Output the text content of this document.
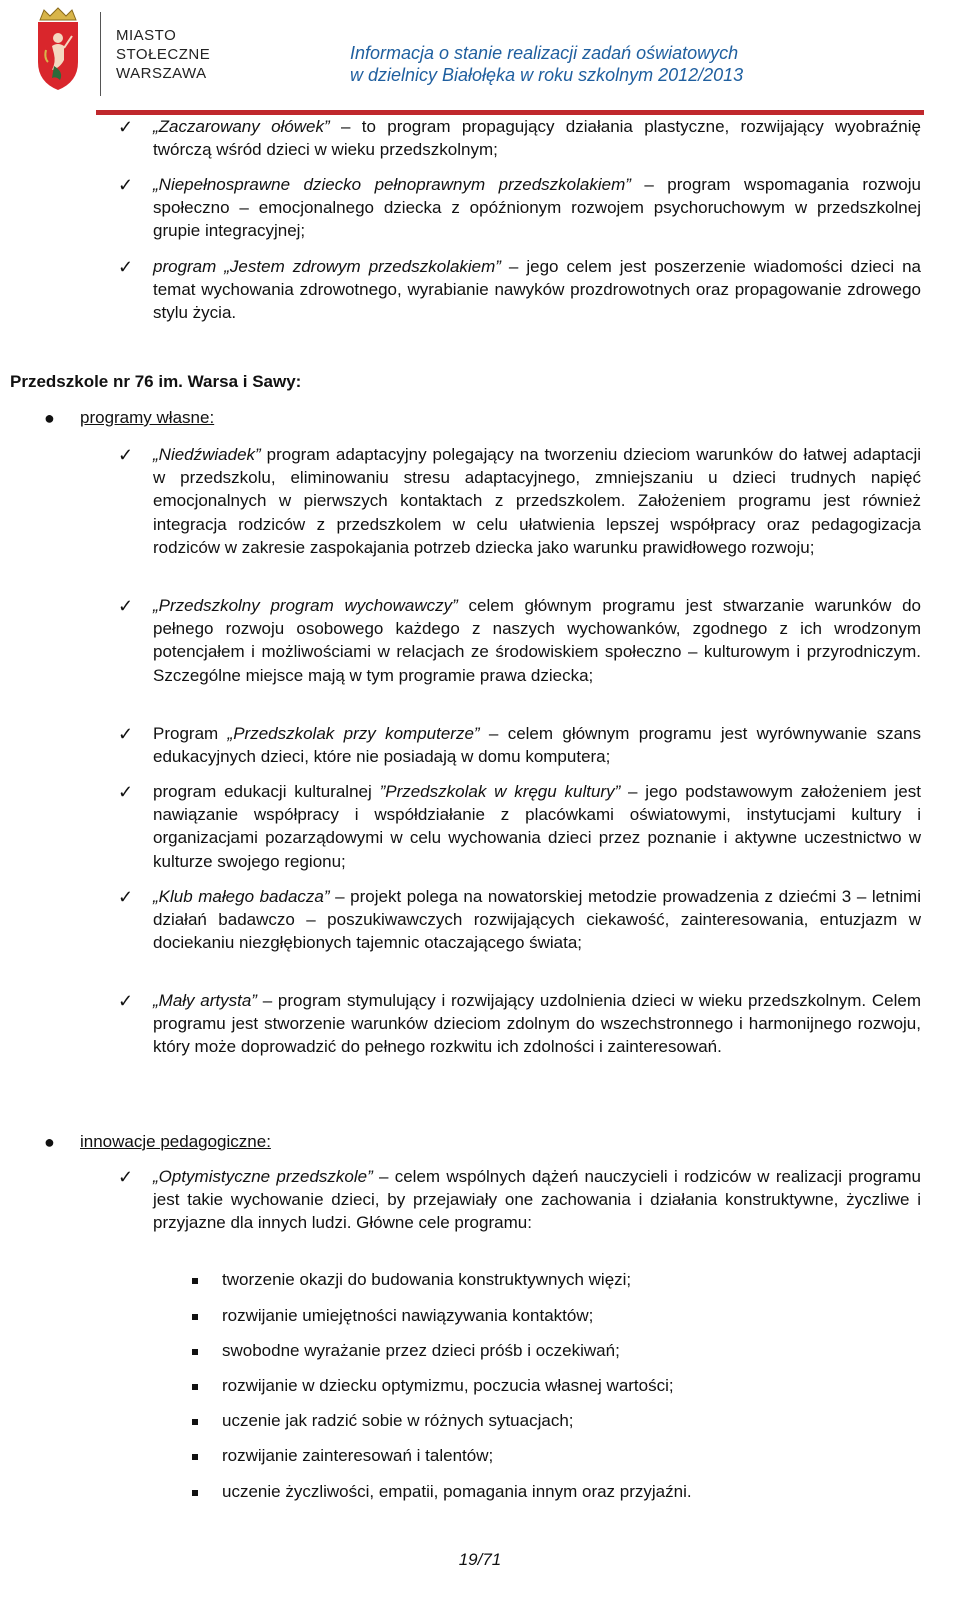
MIASTO
STOŁECZNE
WARSZAWA
Informacja o stanie realizacji zadań oświatowych
w dzielnicy Białołęka w roku szkolnym 2012/2013
✓ „Zaczarowany ołówek” – to program propagujący działania plastyczne, rozwijający wyobraźnię twórczą wśród dzieci w wieku przedszkolnym;
✓ „Niepełnosprawne dziecko pełnoprawnym przedszkolakiem” – program wspomagania rozwoju społeczno – emocjonalnego dziecka z opóźnionym rozwojem psychoruchowym w przedszkolnej grupie integracyjnej;
✓ program „Jestem zdrowym przedszkolakiem” – jego celem jest poszerzenie wiadomości dzieci na temat wychowania zdrowotnego, wyrabianie nawyków prozdrowotnych oraz propagowanie zdrowego stylu życia.
Przedszkole nr 76 im. Warsa i Sawy:
● programy własne:
✓ „Niedźwiadek” program adaptacyjny polegający na tworzeniu dzieciom warunków do łatwej adaptacji w przedszkolu, eliminowaniu stresu adaptacyjnego, zmniejszaniu u dzieci trudnych napięć emocjonalnych w pierwszych kontaktach z przedszkolem. Założeniem programu jest również integracja rodziców z przedszkolem w celu ułatwienia lepszej współpracy oraz pedagogizacja rodziców w zakresie zaspokajania potrzeb dziecka jako warunku prawidłowego rozwoju;
✓ „Przedszkolny program wychowawczy” celem głównym programu jest stwarzanie warunków do pełnego rozwoju osobowego każdego z naszych wychowanków, zgodnego z ich wrodzonym potencjałem i możliwościami w relacjach ze środowiskiem społeczno – kulturowym i przyrodniczym. Szczególne miejsce mają w tym programie prawa dziecka;
✓ Program „Przedszkolak przy komputerze” – celem głównym programu jest wyrównywanie szans edukacyjnych dzieci, które nie posiadają w domu komputera;
✓ program edukacji kulturalnej ”Przedszkolak w kręgu kultury” – jego podstawowym założeniem jest nawiązanie współpracy i współdziałanie z placówkami oświatowymi, instytucjami kultury i organizacjami pozarządowymi w celu wychowania dzieci przez poznanie i aktywne uczestnictwo w kulturze swojego regionu;
✓ „Klub małego badacza” – projekt polega na nowatorskiej metodzie prowadzenia z dziećmi 3 – letnimi działań badawczo – poszukiwawczych rozwijających ciekawość, zainteresowania, entuzjazm w dociekaniu niezgłębionych tajemnic otaczającego świata;
✓ „Mały artysta” – program stymulujący i rozwijający uzdolnienia dzieci w wieku przedszkolnym. Celem programu jest stworzenie warunków dzieciom zdolnym do wszechstronnego i harmonijnego rozwoju, który może doprowadzić do pełnego rozkwitu ich zdolności i zainteresowań.
● innowacje pedagogiczne:
✓ „Optymistyczne przedszkole” – celem wspólnych dążeń nauczycieli i rodziców w realizacji programu jest takie wychowanie dzieci, by przejawiały one zachowania i działania konstruktywne, życzliwe i przyjazne dla innych ludzi. Główne cele programu:
tworzenie okazji do budowania konstruktywnych więzi;
rozwijanie umiejętności nawiązywania kontaktów;
swobodne wyrażanie przez dzieci próśb i oczekiwań;
rozwijanie w dziecku optymizmu, poczucia własnej wartości;
uczenie jak radzić sobie w różnych sytuacjach;
rozwijanie zainteresowań i talentów;
uczenie życzliwości, empatii, pomagania innym oraz przyjaźni.
19/71
